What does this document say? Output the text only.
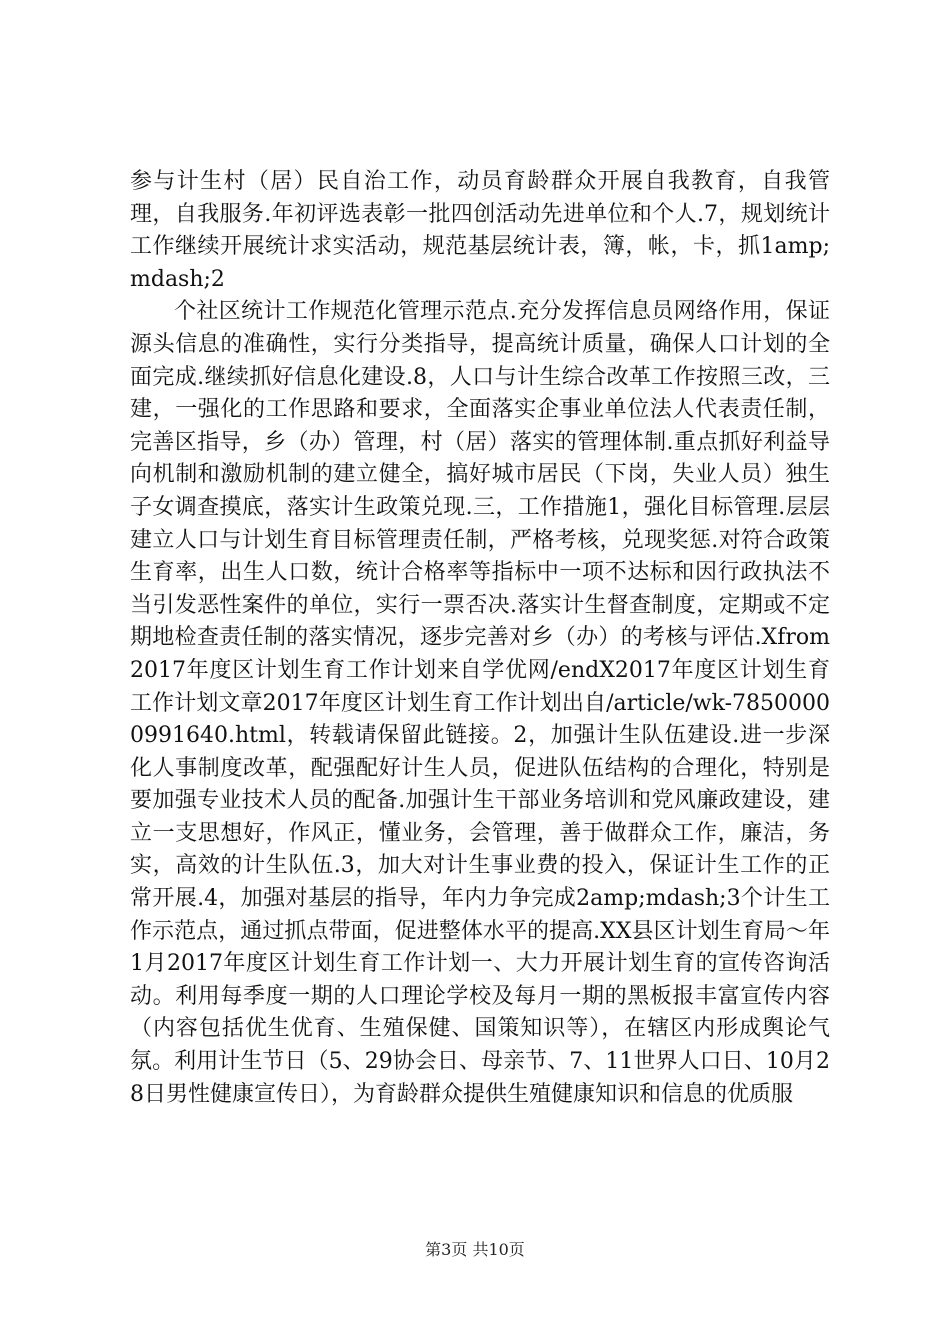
参与计生村（居）民自治工作，动员育龄群众开展自我教育，自我管理，自我服务.年初评选表彰一批四创活动先进单位和个人.7，规划统计工作继续开展统计求实活动，规范基层统计表，簿，帐，卡，抓1amp;mdash;2

个社区统计工作规范化管理示范点.充分发挥信息员网络作用，保证源头信息的准确性，实行分类指导，提高统计质量，确保人口计划的全面完成.继续抓好信息化建设.8，人口与计生综合改革工作按照三改，三建，一强化的工作思路和要求，全面落实企事业单位法人代表责任制，完善区指导，乡（办）管理，村（居）落实的管理体制.重点抓好利益导向机制和激励机制的建立健全，搞好城市居民（下岗，失业人员）独生子女调查摸底，落实计生政策兑现.三，工作措施1，强化目标管理.层层建立人口与计划生育目标管理责任制，严格考核，兑现奖惩.对符合政策生育率，出生人口数，统计合格率等指标中一项不达标和因行政执法不当引发恶性案件的单位，实行一票否决.落实计生督查制度，定期或不定期地检查责任制的落实情况，逐步完善对乡（办）的考核与评估.Xfrom2017年度区计划生育工作计划来自学优网/endX2017年度区计划生育工作计划文章2017年度区计划生育工作计划出自/article/wk-78500000991640.html，转载请保留此链接。2，加强计生队伍建设.进一步深化人事制度改革，配强配好计生人员，促进队伍结构的合理化，特别是要加强专业技术人员的配备.加强计生干部业务培训和党风廉政建设，建立一支思想好，作风正，懂业务，会管理，善于做群众工作，廉洁，务实，高效的计生队伍.3，加大对计生事业费的投入，保证计生工作的正常开展.4，加强对基层的指导，年内力争完成2amp;mdash;3个计生工作示范点，通过抓点带面，促进整体水平的提高.XX县区计划生育局～年1月2017年度区计划生育工作计划一、大力开展计划生育的宣传咨询活动。利用每季度一期的人口理论学校及每月一期的黑板报丰富宣传内容（内容包括优生优育、生殖保健、国策知识等），在辖区内形成舆论气氛。利用计生节日（5、29协会日、母亲节、7、11世界人口日、10月28日男性健康宣传日），为育龄群众提供生殖健康知识和信息的优质服

第3页 共10页
